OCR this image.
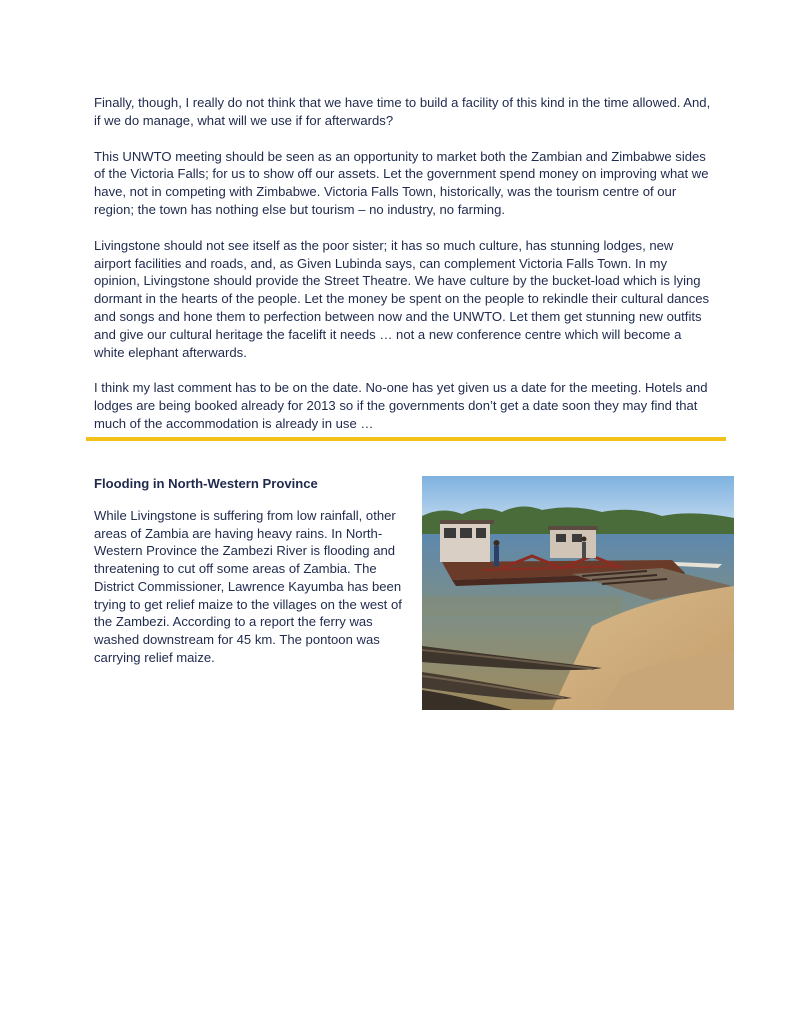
Finally, though, I really do not think that we have time to build a facility of this kind in the time allowed. And, if we do manage, what will we use if for afterwards?

This UNWTO meeting should be seen as an opportunity to market both the Zambian and Zimbabwe sides of the Victoria Falls; for us to show off our assets. Let the government spend money on improving what we have, not in competing with Zimbabwe. Victoria Falls Town, historically, was the tourism centre of our region; the town has nothing else but tourism – no industry, no farming.

Livingstone should not see itself as the poor sister; it has so much culture, has stunning lodges, new airport facilities and roads, and, as Given Lubinda says, can complement Victoria Falls Town. In my opinion, Livingstone should provide the Street Theatre. We have culture by the bucket-load which is lying dormant in the hearts of the people. Let the money be spent on the people to rekindle their cultural dances and songs and hone them to perfection between now and the UNWTO. Let them get stunning new outfits and give our cultural heritage the facelift it needs … not a new conference centre which will become a white elephant afterwards.

I think my last comment has to be on the date. No-one has yet given us a date for the meeting. Hotels and lodges are being booked already for 2013 so if the governments don’t get a date soon they may find that much of the accommodation is already in use …

Flooding in North-Western Province

While Livingstone is suffering from low rainfall, other areas of Zambia are having heavy rains. In North-Western Province the Zambezi River is flooding and threatening to cut off some areas of Zambia. The District Commissioner, Lawrence Kayumba has been trying to get relief maize to the villages on the west of the Zambezi. According to a report the ferry was washed downstream for 45 km. The pontoon was carrying relief maize.
